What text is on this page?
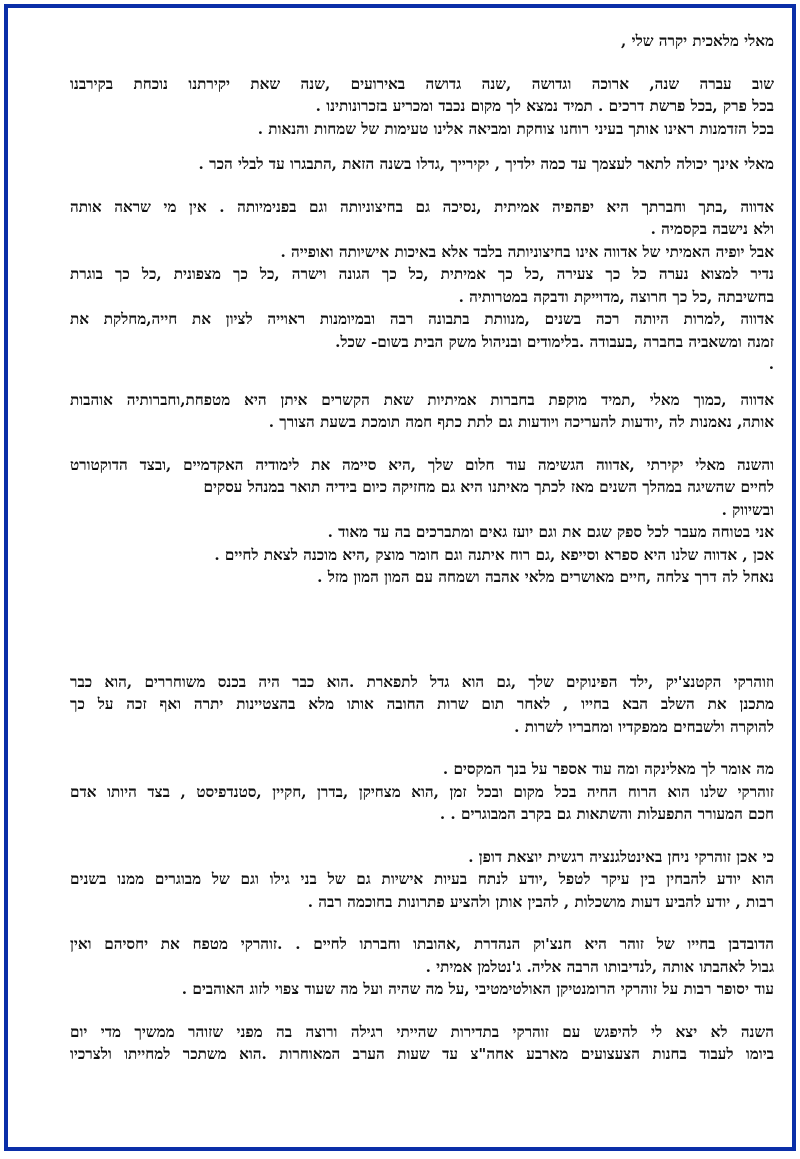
מאלי מלאכית יקרה שלי ,
שוב עברה שנה, ארוכה וגדושה ,שנה גדושה באירועים ,שנה שאת יקירתנו נוכחת בקירבנו
בכל פרק ,בכל פרשת דרכים . תמיד נמצא לך מקום נכבד ומכריע בזכרונותינו .
בכל הזדמנות ראינו אותך בעיני רוחנו צוחקת ומביאה אלינו טעימות של שמחות והנאות .
מאלי אינך יכולה לתאר לעצמך עד כמה ילדיך , יקירייך ,גדלו בשנה הזאת ,התבגרו עד לבלי הכר .
אדווה ,בתך וחברתך היא יפהפיה אמיתית ,נסיכה גם בחיצוניותה וגם בפנימיותה . אין מי שראה אותה
ולא נישבה בקסמיה .
אבל יופיה האמיתי של אדווה אינו בחיצוניותה בלבד אלא באיכות אישיותה ואופייה .
נדיר למצוא נערה כל כך צעירה ,כל כך אמיתית ,כל כך הגונה וישרה ,כל כך מצפונית ,כל כך בוגרת
בחשיבתה ,כל כך חרוצה ,מדוייקת ודבקה במטרותיה .
אדווה ,למרות היותה רכה בשנים ,מנוותת בתבונה רבה ובמיומנות ראוייה לציון את חייה,מחלקת את
זמנה ומשאביה בחברה ,בעבודה .בלימודים ובניהול משק הבית בשום- שכל.
.
אדווה ,כמוך מאלי ,תמיד מוקפת בחברות אמיתיות שאת הקשרים איתן היא מטפחת,וחברותיה אוהבות
אותה, נאמנות לה ,יודעות להעריכה ויודעות גם לתת כתף חמה תומכת בשעת הצורך .
והשנה מאלי יקירתי ,אדווה הגשימה עוד חלום שלך ,היא סיימה את לימודיה האקדמיים ,ובצד הדוקטורט
לחיים שהשיגה במהלך השנים מאז לכתך מאיתנו היא גם מחזיקה כיום בידיה תואר במנהל עסקים
ובשיווק .
אני בטוחה מעבר לכל ספק שגם את וגם יועז גאים ומתברכים בה עד מאוד .
אכן , אדווה שלנו היא ספרא וסייפא ,גם רוח איתנה וגם חומר מוצק ,היא מוכנה לצאת לחיים .
נאחל לה דרך צלחה ,חיים מאושרים מלאי אהבה ושמחה עם המון המון מזל .
וזוהרקי הקטנצ'יק ,ילד הפינוקים שלך ,גם הוא גדל לתפארת .הוא כבר היה בכנס משוחררים ,הוא כבר
מתכנן את השלב הבא בחייו , לאחר תום שרות החובה אותו מלא בהצטיינות יתרה ואף זכה על כך
להוקרה ולשבחים ממפקדיו ומחבריו לשרות .
מה אומר לך מאלינקה ומה עוד אספר על בנך המקסים .
זוהרקי שלנו הוא הרוח החיה בכל מקום ובכל זמן ,הוא מצחיקן ,בדרן ,חקיין ,סטנדפיסט , בצד היותו אדם
חכם המעורר התפעלות והשתאות גם בקרב המבוגרים . .
כי אכן זוהרקי ניחן באינטלגנציה רגשית יוצאת דופן .
הוא יודע להבחין בין עיקר לטפל ,יודע לנתח בעיות אישיות גם של בני גילו וגם של מבוגרים ממנו בשנים
רבות , יודע להביע דעות מושכלות , להבין אותן ולהציע פתרונות בחוכמה רבה .
הדובדבן בחייו של זוהר היא חנצ'וק הנהדרת ,אהובתו וחברתו לחיים . .זוהרקי מטפח את יחסיהם ואין
גבול לאהבתו אותה ,לנדיבותו הרבה אליה. ג'נטלמן אמיתי .
עוד יסופר רבות על זוהרקי הרומנטיקן האולטימטיבי ,על מה שהיה ועל מה שעוד צפוי לזוג האוהבים .
השנה לא יצא לי להיפגש עם זוהרקי בתדירות שהייתי רגילה ורוצה בה מפני שזוהר ממשיך מדי יום
ביומו לעבוד בחנות הצעצועים מארבע אחה"צ עד שעות הערב המאוחרות .הוא משתכר למחייתו ולצרכיו
